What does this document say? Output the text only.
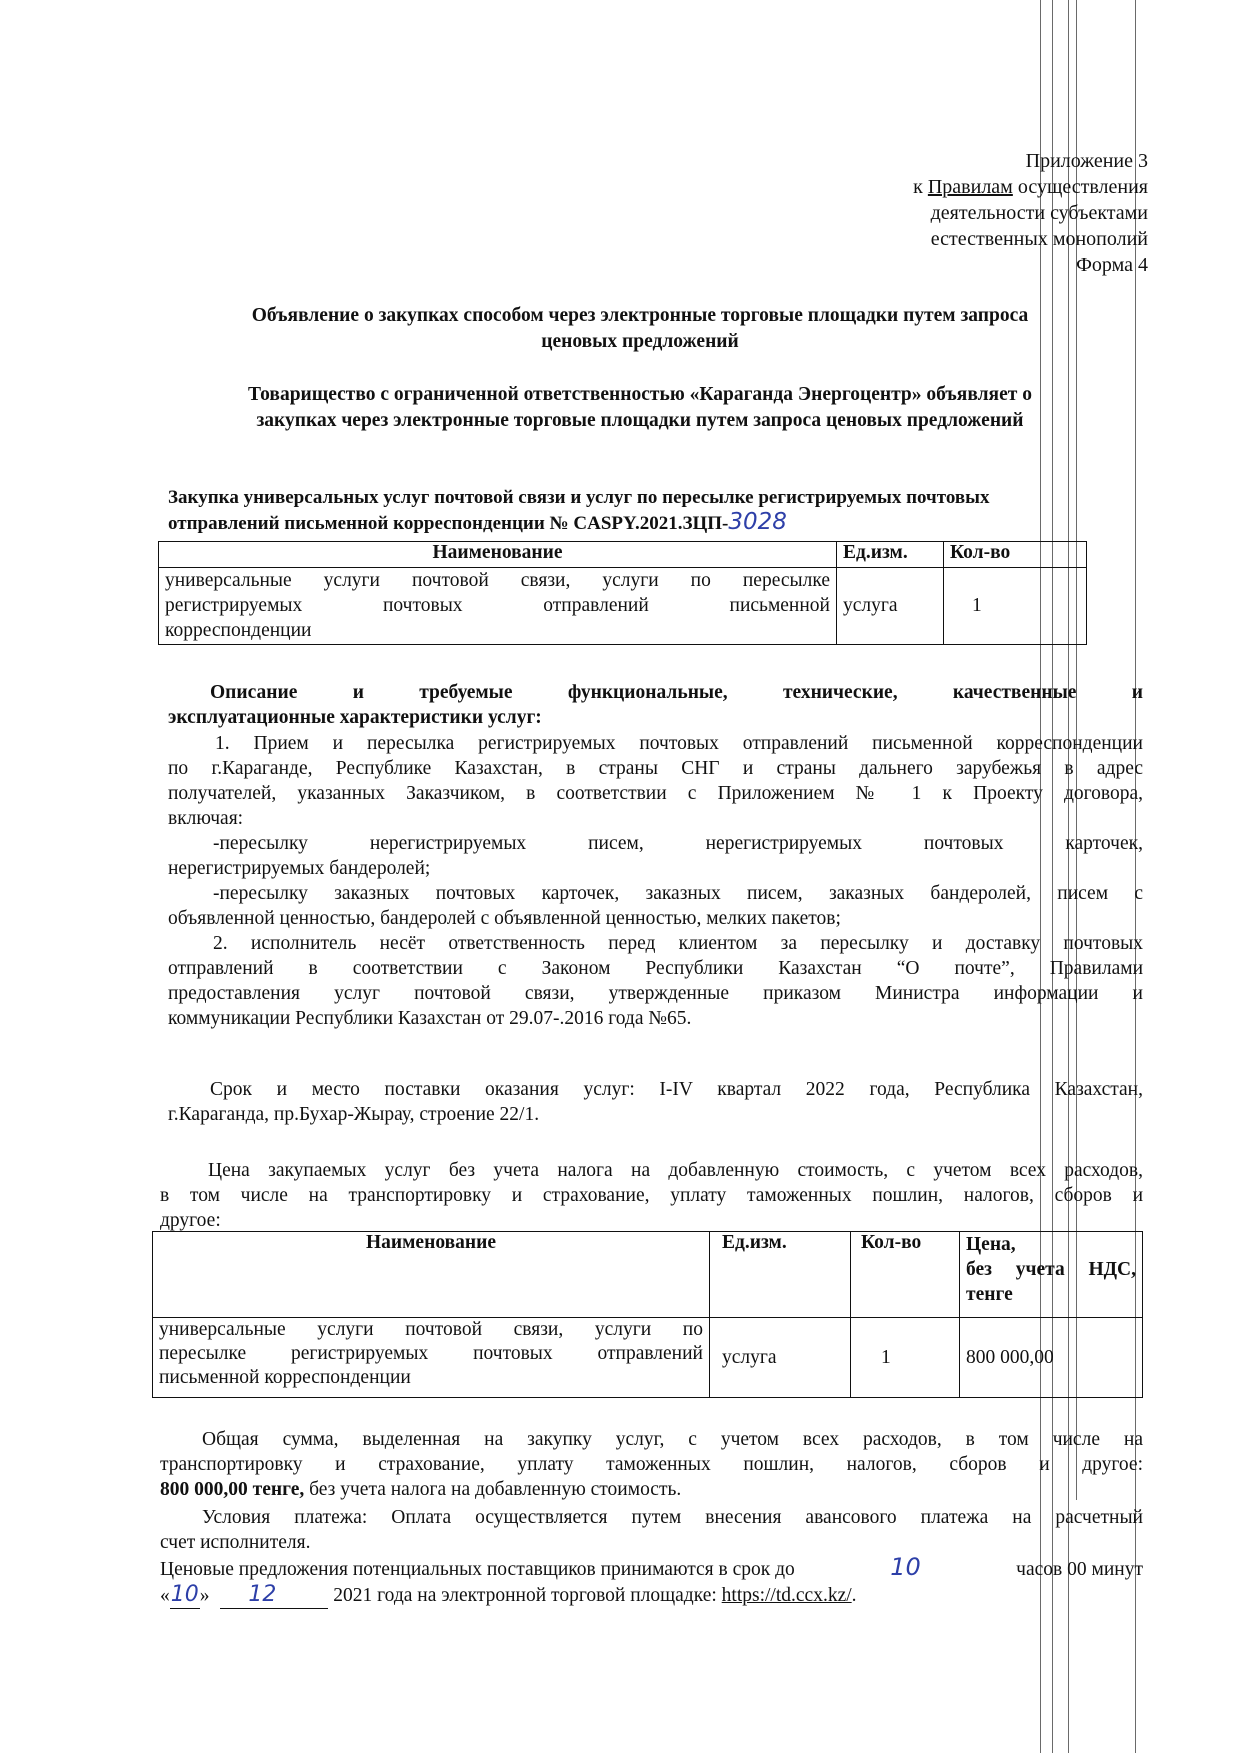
Приложение 3
к Правилам осуществления
деятельности субъектами
естественных монополий
Форма 4
Объявление о закупках способом через электронные торговые площадки путем запроса
ценовых предложений
Товарищество с ограниченной ответственностью «Караганда Энергоцентр» объявляет о
закупках через электронные торговые площадки путем запроса ценовых предложений
Закупка универсальных услуг почтовой связи и услуг по пересылке регистрируемых почтовых
отправлений письменной корреспонденции № CASPY.2021.ЗЦП-3028
Наименование	Ед.изм.	Кол-во

универсальные услуги почтовой связи, услуги по пересылке
регистрируемых почтовых отправлений письменной
корреспонденции	услуга	1
Описание и требуемые функциональные, технические, качественные и
эксплуатационные характеристики услуг:
1. Прием и пересылка регистрируемых почтовых отправлений письменной корреспонденции
по г.Караганде, Республике Казахстан, в страны СНГ и страны дальнего зарубежья в адрес
получателей, указанных Заказчиком, в соответствии с Приложением № 1 к Проекту договора,
включая:
-пересылку нерегистрируемых писем, нерегистрируемых почтовых карточек,
нерегистрируемых бандеролей;
-пересылку заказных почтовых карточек, заказных писем, заказных бандеролей, писем с
объявленной ценностью, бандеролей с объявленной ценностью, мелких пакетов;
2. исполнитель несёт ответственность перед клиентом за пересылку и доставку почтовых
отправлений в соответствии с Законом Республики Казахстан “О почте”, Правилами
предоставления услуг почтовой связи, утвержденные приказом Министра информации и
коммуникации Республики Казахстан от 29.07-.2016 года №65.
Срок и место поставки оказания услуг: I-IV квартал 2022 года, Республика Казахстан,
г.Караганда, пр.Бухар-Жырау, строение 22/1.
Цена закупаемых услуг без учета налога на добавленную стоимость, с учетом всех расходов,
в том числе на транспортировку и страхование, уплату таможенных пошлин, налогов, сборов и
другое:
Наименование	Ед.изм.	Кол-во	Цена,
без учета НДС,
тенге

универсальные услуги почтовой связи, услуги по
пересылке регистрируемых почтовых отправлений
письменной корреспонденции	услуга	1	800 000,00
Общая сумма, выделенная на закупку услуг, с учетом всех расходов, в том числе на
транспортировку и страхование, уплату таможенных пошлин, налогов, сборов и другое:
800 000,00 тенге, без учета налога на добавленную стоимость.
Условия платежа: Оплата осуществляется путем внесения авансового платежа на расчетный
счет исполнителя.
Ценовые предложения потенциальных поставщиков принимаются в срок до	10	часов 00 минут
«10» 12	2021 года на электронной торговой площадке: https://td.ccx.kz/.
